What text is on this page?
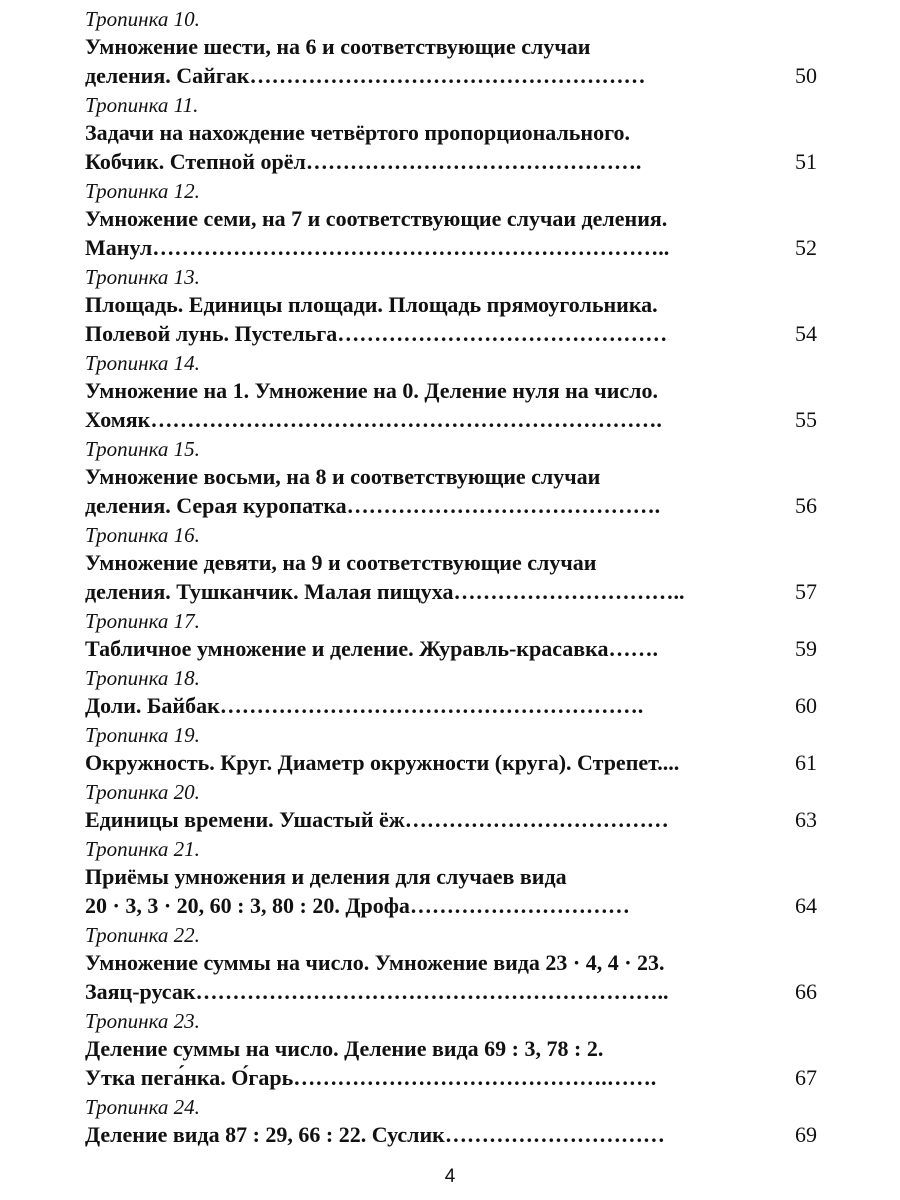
Тропинка 10.
Умножение шести, на 6 и соответствующие случаи
деления. Сайгак………………………………………………	50
Тропинка 11.
Задачи на нахождение четвёртого пропорционального.
Кобчик. Степной орёл……………………………………….	51
Тропинка 12.
Умножение семи, на 7 и соответствующие случаи деления.
Манул……………………………………………………………..	52
Тропинка 13.
Площадь. Единицы площади. Площадь прямоугольника.
Полевой лунь. Пустельга………………………………………	54
Тропинка 14.
Умножение на 1. Умножение на 0. Деление нуля на число.
Хомяк…………………………………………………………….	55
Тропинка 15.
Умножение восьми, на 8 и соответствующие случаи
деления. Серая куропатка…………………………………….	56
Тропинка 16.
Умножение девяти, на 9 и соответствующие случаи
деления. Тушканчик. Малая пищуха…………………………..	57
Тропинка 17.
Табличное умножение и деление. Журавль-красавка…….	59
Тропинка 18.
Доли. Байбак………………………………………………….	60
Тропинка 19.
Окружность. Круг. Диаметр окружности (круга). Стрепет....	61
Тропинка 20.
Единицы времени. Ушастый ёж………………………………	63
Тропинка 21.
Приёмы умножения и деления для случаев вида
20 · 3, 3 · 20, 60 : 3, 80 : 20. Дрофа…………………………	64
Тропинка 22.
Умножение суммы на число. Умножение вида 23 · 4, 4 · 23.
Заяц-русак………………………………………………………..	66
Тропинка 23.
Деление суммы на число. Деление вида 69 : 3, 78 : 2.
Утка пега́нка. О́гарь…………………………………….…….	67
Тропинка 24.
Деление вида 87 : 29, 66 : 22. Суслик…………………………	69
4
